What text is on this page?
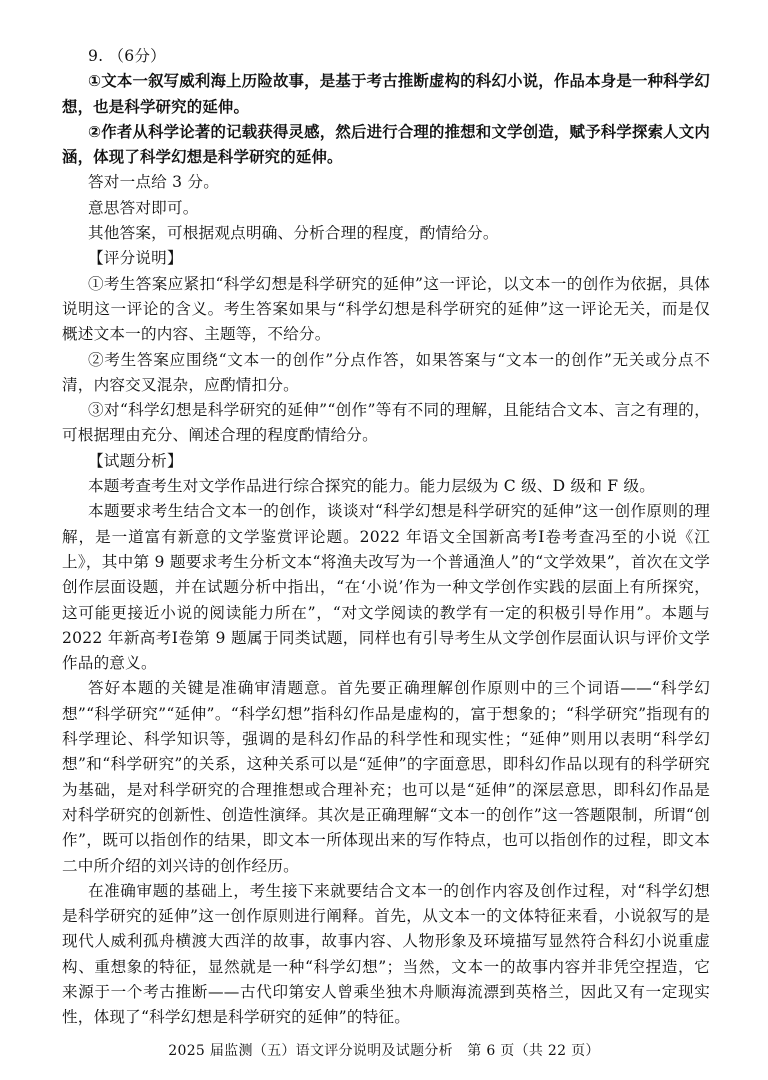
9. （6分）

①文本一叙写威利海上历险故事，是基于考古推断虚构的科幻小说，作品本身是一种科学幻想，也是科学研究的延伸。

②作者从科学论著的记载获得灵感，然后进行合理的推想和文学创造，赋予科学探索人文内涵，体现了科学幻想是科学研究的延伸。

答对一点给 3 分。

意思答对即可。

其他答案，可根据观点明确、分析合理的程度，酌情给分。

【评分说明】

①考生答案应紧扣“科学幻想是科学研究的延伸”这一评论，以文本一的创作为依据，具体说明这一评论的含义。考生答案如果与“科学幻想是科学研究的延伸”这一评论无关，而是仅概述文本一的内容、主题等，不给分。

②考生答案应围绕“文本一的创作”分点作答，如果答案与“文本一的创作”无关或分点不清，内容交叉混杂，应酌情扣分。

③对“科学幻想是科学研究的延伸”“创作”等有不同的理解，且能结合文本、言之有理的，可根据理由充分、阐述合理的程度酌情给分。

【试题分析】

本题考查考生对文学作品进行综合探究的能力。能力层级为 C 级、D 级和 F 级。

本题要求考生结合文本一的创作，谈谈对“科学幻想是科学研究的延伸”这一创作原则的理解，是一道富有新意的文学鉴赏评论题。2022 年语文全国新高考Ⅰ卷考查冯至的小说《江上》，其中第 9 题要求考生分析文本“将渔夫改写为一个普通渔人”的“文学效果”，首次在文学创作层面设题，并在试题分析中指出，“在‘小说’作为一种文学创作实践的层面上有所探究，这可能更接近小说的阅读能力所在”，“对文学阅读的教学有一定的积极引导作用”。本题与 2022 年新高考Ⅰ卷第 9 题属于同类试题，同样也有引导考生从文学创作层面认识与评价文学作品的意义。

答好本题的关键是准确审清题意。首先要正确理解创作原则中的三个词语——“科学幻想”“科学研究”“延伸”。“科学幻想”指科幻作品是虚构的，富于想象的；“科学研究”指现有的科学理论、科学知识等，强调的是科幻作品的科学性和现实性；“延伸”则用以表明“科学幻想”和“科学研究”的关系，这种关系可以是“延伸”的字面意思，即科幻作品以现有的科学研究为基础，是对科学研究的合理推想或合理补充；也可以是“延伸”的深层意思，即科幻作品是对科学研究的创新性、创造性演绎。其次是正确理解“文本一的创作”这一答题限制，所谓“创作”，既可以指创作的结果，即文本一所体现出来的写作特点，也可以指创作的过程，即文本二中所介绍的刘兴诗的创作经历。

在准确审题的基础上，考生接下来就要结合文本一的创作内容及创作过程，对“科学幻想是科学研究的延伸”这一创作原则进行阐释。首先，从文本一的文体特征来看，小说叙写的是现代人威利孤舟横渡大西洋的故事，故事内容、人物形象及环境描写显然符合科幻小说重虚构、重想象的特征，显然就是一种“科学幻想”；当然，文本一的故事内容并非凭空捏造，它来源于一个考古推断——古代印第安人曾乘坐独木舟顺海流漂到英格兰，因此又有一定现实性，体现了“科学幻想是科学研究的延伸”的特征。

2025 届监测（五）语文评分说明及试题分析　第 6 页（共 22 页）
